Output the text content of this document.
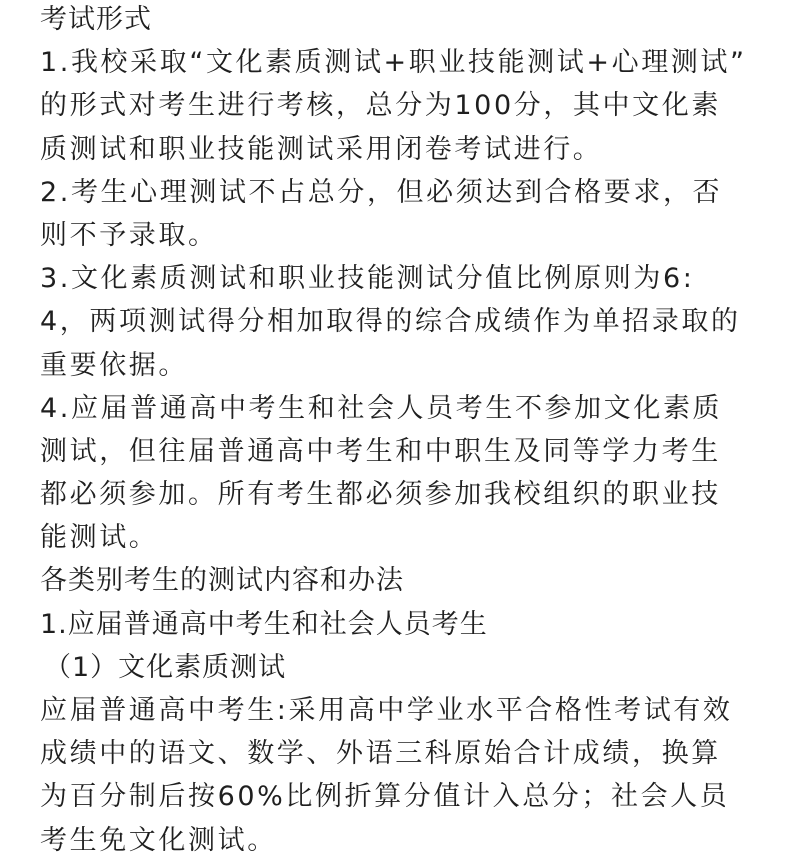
考试形式
1.我校采取“文化素质测试+职业技能测试+心理测试”
的形式对考生进行考核，总分为100分，其中文化素
质测试和职业技能测试采用闭卷考试进行。
2.考生心理测试不占总分，但必须达到合格要求，否
则不予录取。
3.文化素质测试和职业技能测试分值比例原则为6:
4，两项测试得分相加取得的综合成绩作为单招录取的
重要依据。
4.应届普通高中考生和社会人员考生不参加文化素质
测试，但往届普通高中考生和中职生及同等学力考生
都必须参加。所有考生都必须参加我校组织的职业技
能测试。
各类别考生的测试内容和办法
1.应届普通高中考生和社会人员考生
（1）文化素质测试
应届普通高中考生:采用高中学业水平合格性考试有效
成绩中的语文、数学、外语三科原始合计成绩，换算
为百分制后按60%比例折算分值计入总分；社会人员
考生免文化测试。
